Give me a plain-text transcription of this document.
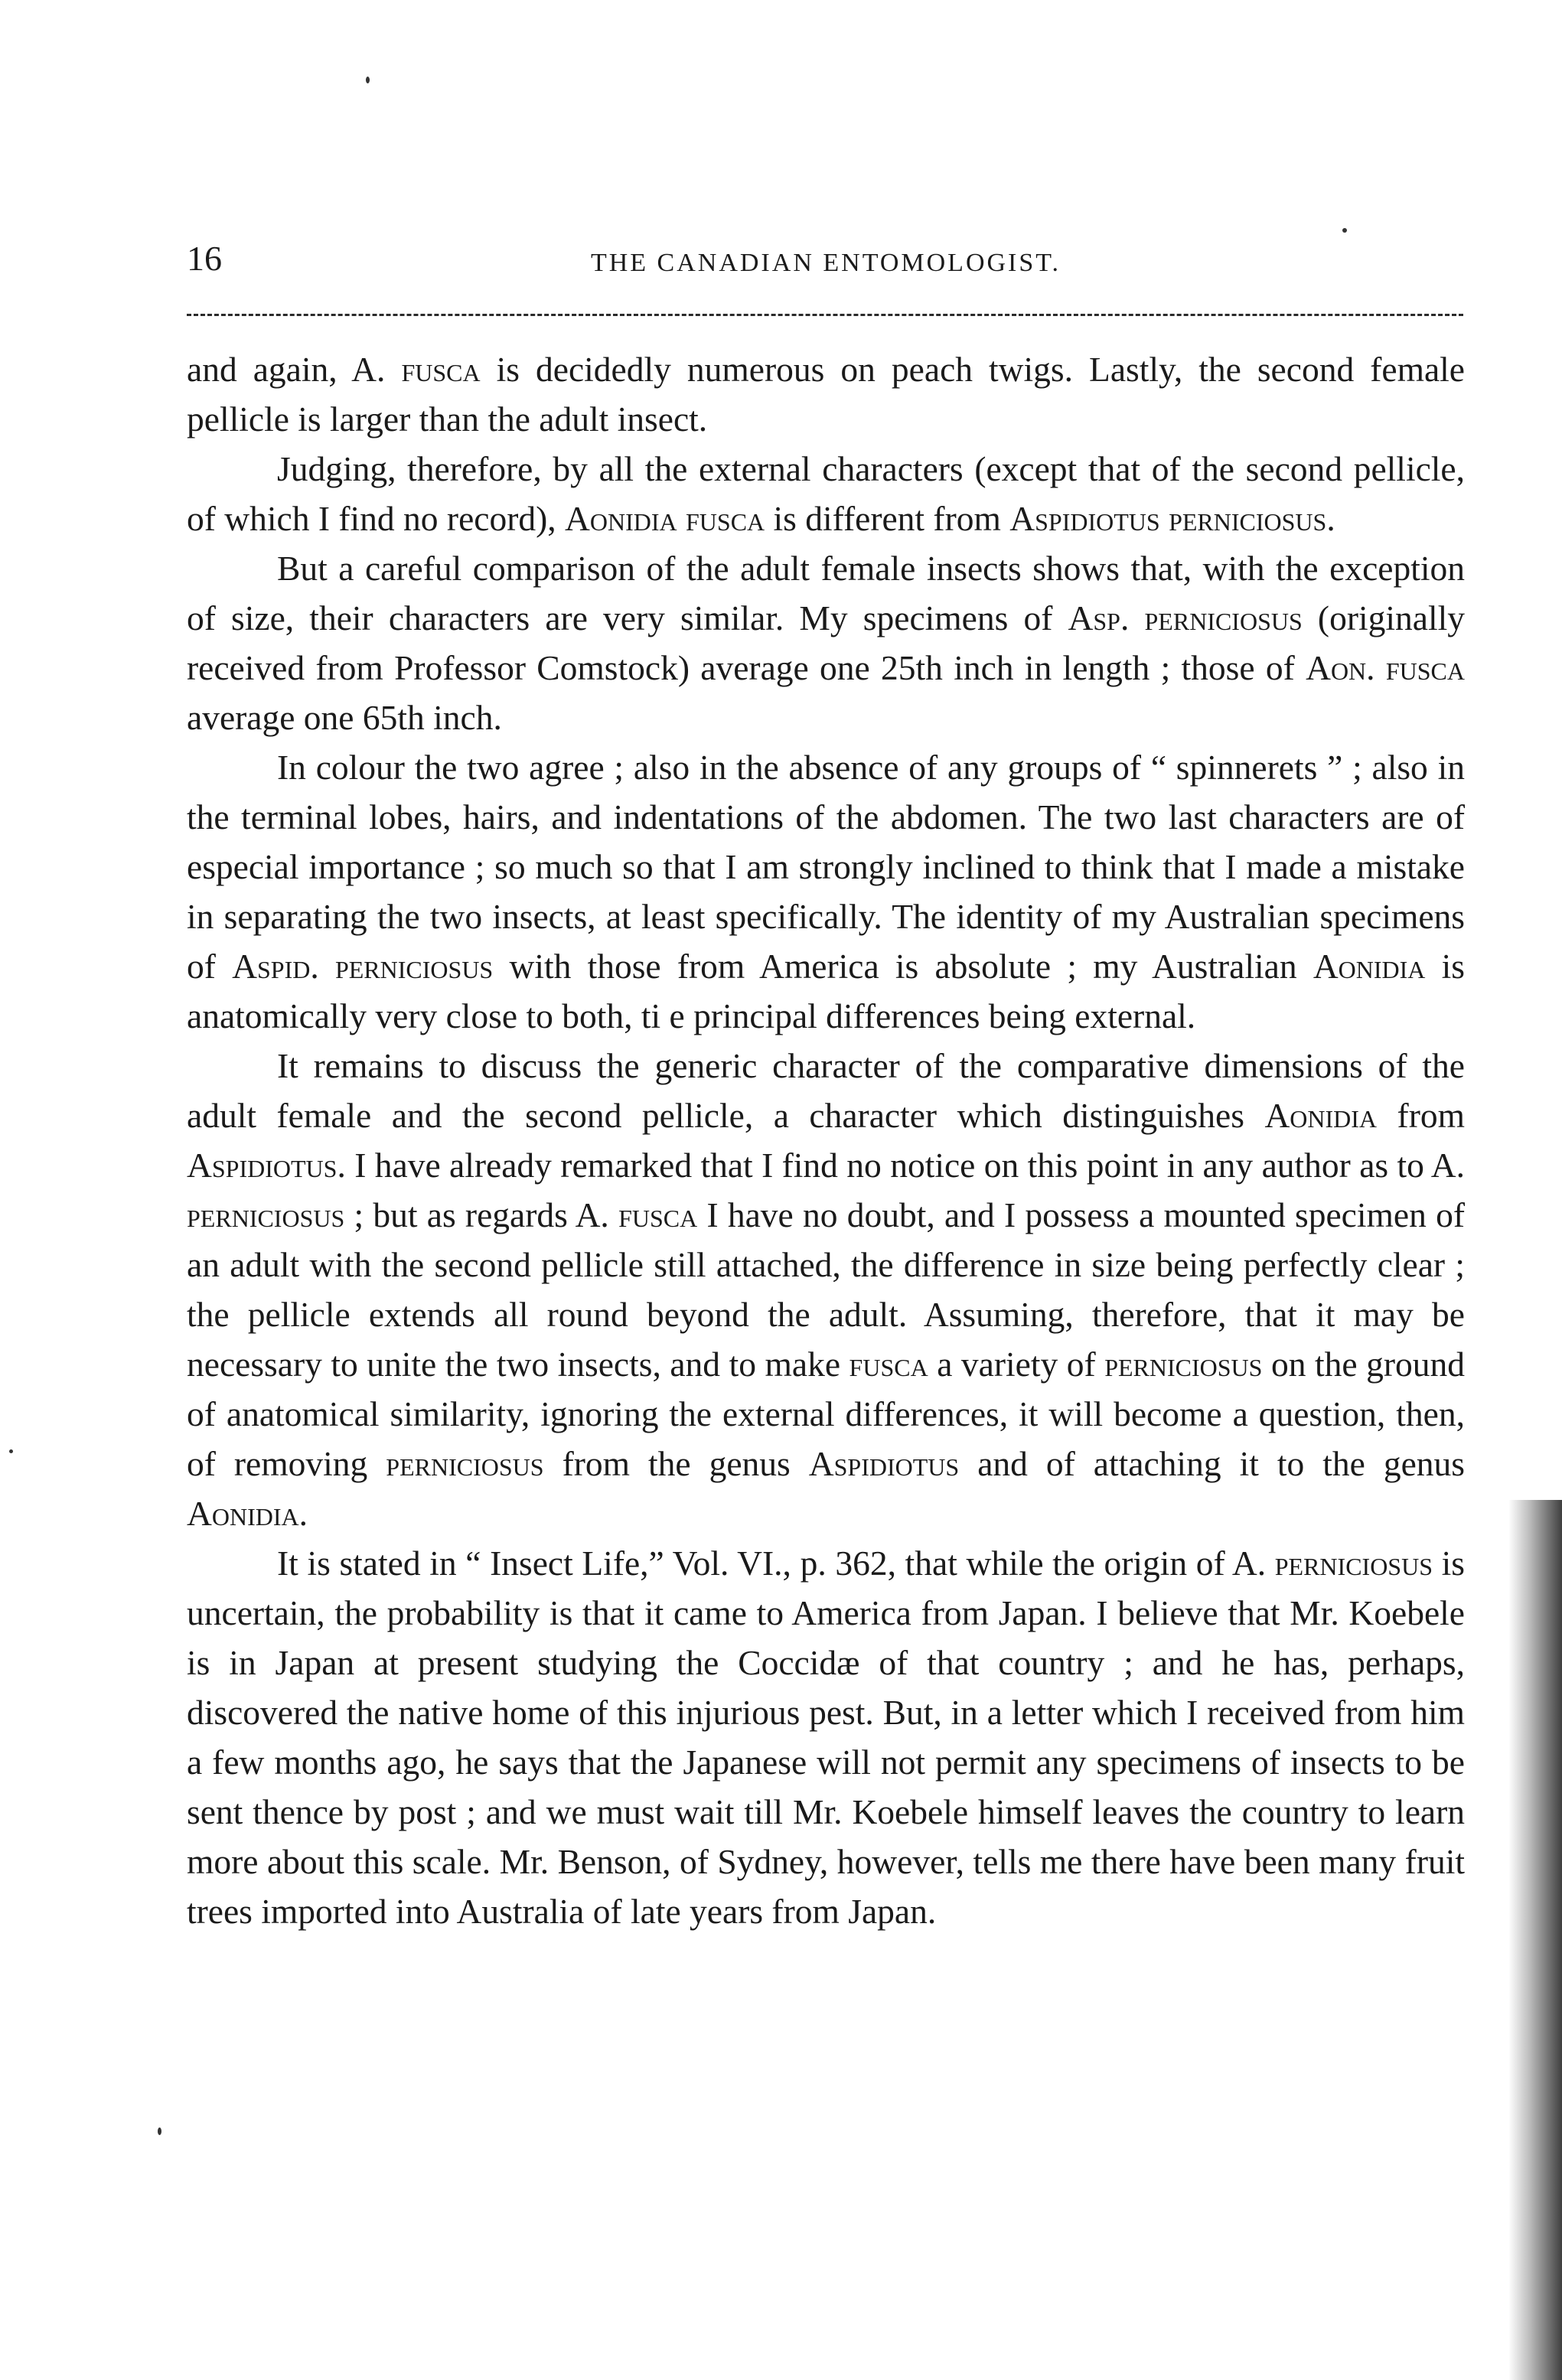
16	THE CANADIAN ENTOMOLOGIST.

and again, A. fusca is decidedly numerous on peach twigs. Lastly, the second female pellicle is larger than the adult insect.

Judging, therefore, by all the external characters (except that of the second pellicle, of which I find no record), Aonidia fusca is different from Aspidiotus perniciosus.

But a careful comparison of the adult female insects shows that, with the exception of size, their characters are very similar. My specimens of Asp. perniciosus (originally received from Professor Comstock) average one 25th inch in length ; those of Aon. fusca average one 65th inch.

In colour the two agree ; also in the absence of any groups of “ spinnerets ” ; also in the terminal lobes, hairs, and indentations of the abdomen. The two last characters are of especial importance ; so much so that I am strongly inclined to think that I made a mistake in separating the two insects, at least specifically. The identity of my Australian specimens of Aspid. perniciosus with those from America is absolute ; my Australian Aonidia is anatomically very close to both, ti e principal differences being external.

It remains to discuss the generic character of the comparative dimensions of the adult female and the second pellicle, a character which distinguishes Aonidia from Aspidiotus. I have already remarked that I find no notice on this point in any author as to A. perniciosus ; but as regards A. fusca I have no doubt, and I possess a mounted specimen of an adult with the second pellicle still attached, the difference in size being perfectly clear ; the pellicle extends all round beyond the adult. Assuming, therefore, that it may be necessary to unite the two insects, and to make fusca a variety of perniciosus on the ground of anatomical similarity, ignoring the external differences, it will become a question, then, of removing perniciosus from the genus Aspidiotus and of attaching it to the genus Aonidia.

It is stated in “ Insect Life,” Vol. VI., p. 362, that while the origin of A. perniciosus is uncertain, the probability is that it came to America from Japan. I believe that Mr. Koebele is in Japan at present studying the Coccidæ of that country ; and he has, perhaps, discovered the native home of this injurious pest. But, in a letter which I received from him a few months ago, he says that the Japanese will not permit any specimens of insects to be sent thence by post ; and we must wait till Mr. Koebele himself leaves the country to learn more about this scale. Mr. Benson, of Sydney, however, tells me there have been many fruit trees imported into Australia of late years from Japan.
